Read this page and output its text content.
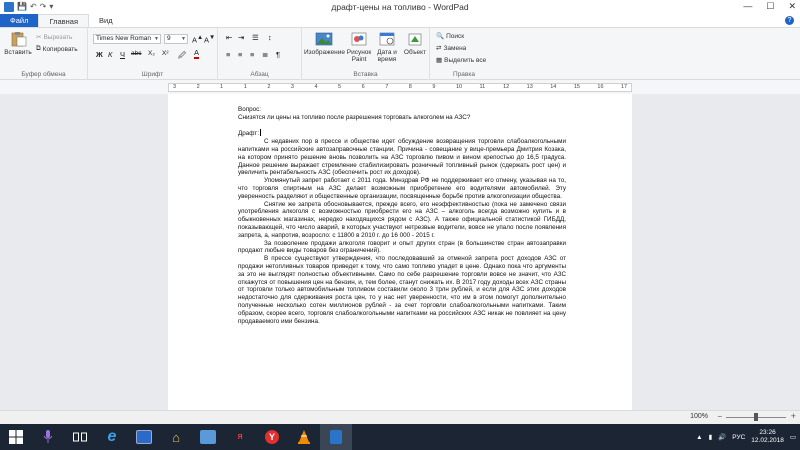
💾 ↶ ↷ ▾	драфт-цены на топливо - WordPad	— ☐ ✕
Файл	Главная	Вид	?
Вставить
✂ Вырезать
⧉ Копировать
Буфер обмена
Times New Roman ▼	9 ▼ A▲ A▼
Ж К Ч abc X₂ X² 🖉 A
Шрифт
⇤ ⇥ ☰ ↕
≡ ≡ ≡ ≣ ¶
Абзац
Изображение Рисунок
Paint
Дата и
время
Объект
Вставка
🔍 Поиск
⇄ Замена
▦ Выделить все
Правка
3	2	1	1	2	3	4	5	6	7	8	9	10	11	12	13	14	15	16	17

Вопрос:

Снизятся ли цены на топливо после разрешения торговать алкоголем на АЗС?

Драфт:

С недавних пор в прессе и обществе идет обсуждение возвращения торговли слабоалкогольными напитками на российские автозаправочные станции. Причина - совещание у вице-премьера Дмитрия Козака, на котором принято решение вновь позволить на АЗС торговлю пивом и вином крепостью до 16,5 градуса. Данное решение выражает стремление стабилизировать розничный топливный рынок (сдержать рост цен) и увеличить рентабельность АЗС (обеспечить рост их доходов).

Упомянутый запрет работает с 2011 года. Минздрав РФ не поддерживает его отмену, указывая на то, что торговля спиртным на АЗС делает возможным приобретение его водителями автомобилей. Эту уверенность разделяют и общественные организации, посвященные борьбе против алкоголизации общества.

Снятие же запрета обосновывается, прежде всего, его неэффективностью (пока не замечено связи употребления алкоголя с возможностью приобрести его на АЗС – алкоголь всегда возможно купить и в обыкновенных магазинах, нередко находящихся рядом с АЗС). А также официальной статистикой ГИБДД, показывающей, что число аварий, в которых участвуют нетрезвые водители, вовсе не упало после появления запрета, а, напротив, возросло: с 11800 в 2010 г. до 16 000 - 2015 г.

За позволение продажи алкоголя говорит и опыт других стран (в большинстве стран автозаправки продают любые виды товаров без ограничений).

В прессе существуют утверждения, что последовавший за отменой запрета рост доходов АЗС от продажи нетопливных товаров приведет к тому, что само топливо упадет в цене. Однако пока что аргументы за это не выглядят полностью объективными. Само по себе разрешение торговли вовсе не значит, что АЗС откажутся от повышения цен на бензин, и, тем более, станут снижать их. В 2017 году доходы всех АЗС страны от торговли только автомобильным топливом составили около 3 трлн рублей, и если для АЗС этих доходов недостаточно для сдерживания роста цен, то у нас нет уверенности, что им в этом помогут дополнительно полученные несколько сотен миллионов рублей - за счет торговли слабоалкогольными напитками. Таким образом, скорее всего, торговля слабоалкогольными напитками на российских АЗС никак не повлияет на цену продаваемого ими бензина.

100% −	+
e	⌂	Я	Y	▲ ▮ 🔊 РУС
23:26
12.02.2018 ▭
